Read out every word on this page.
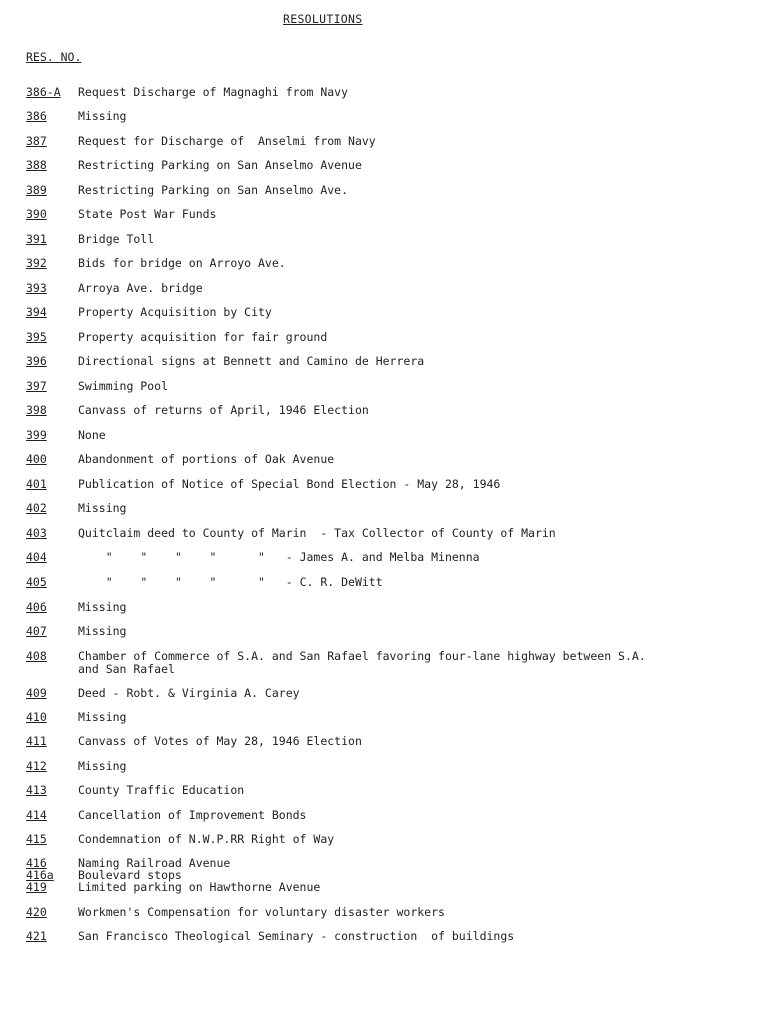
RESOLUTIONS
RES. NO.
386-A	Request Discharge of Magnaghi from Navy
386	Missing
387	Request for Discharge of  Anselmi from Navy
388	Restricting Parking on San Anselmo Avenue
389	Restricting Parking on San Anselmo Ave.
390	State Post War Funds
391	Bridge Toll
392	Bids for bridge on Arroyo Ave.
393	Arroya Ave. bridge
394	Property Acquisition by City
395	Property acquisition for fair ground
396	Directional signs at Bennett and Camino de Herrera
397	Swimming Pool
398	Canvass of returns of April, 1946 Election
399	None
400	Abandonment of portions of Oak Avenue
401	Publication of Notice of Special Bond Election - May 28, 1946
402	Missing
403	Quitclaim deed to County of Marin  - Tax Collector of County of Marin
404	"    "    "    "      "   - James A. and Melba Minenna
405	"    "    "    "      "   - C. R. DeWitt
406	Missing
407	Missing
408	Chamber of Commerce of S.A. and San Rafael favoring four-lane highway between S.A.
and San Rafael
409	Deed - Robt. & Virginia A. Carey
410	Missing
411	Canvass of Votes of May 28, 1946 Election
412	Missing
413	County Traffic Education
414	Cancellation of Improvement Bonds
415	Condemnation of N.W.P.RR Right of Way
416	Naming Railroad Avenue
416a	Boulevard stops
419	Limited parking on Hawthorne Avenue
420	Workmen's Compensation for voluntary disaster workers
421	San Francisco Theological Seminary - construction  of buildings
